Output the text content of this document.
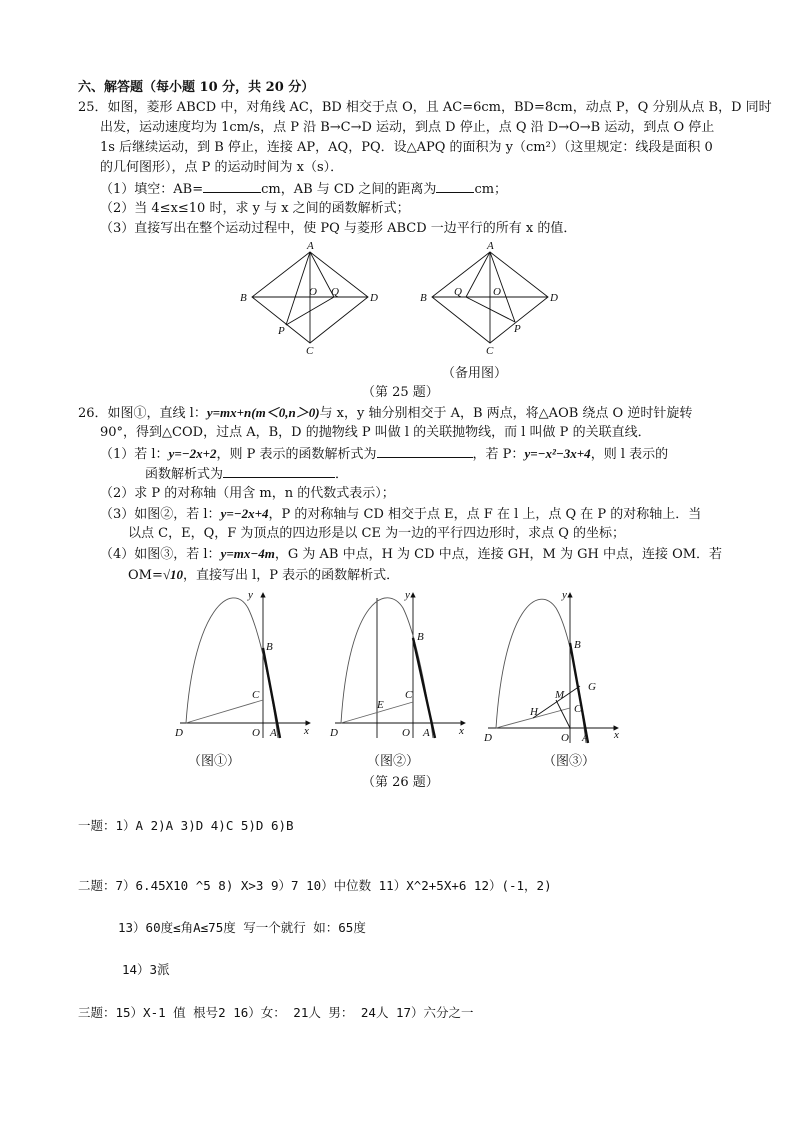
六、解答题（每小题 10 分，共 20 分）
25．如图，菱形 ABCD 中，对角线 AC，BD 相交于点 O，且 AC=6cm，BD=8cm，动点 P，Q 分别从点 B，D 同时
出发，运动速度均为 1cm/s，点 P 沿 B→C→D 运动，到点 D 停止，点 Q 沿 D→O→B 运动，到点 O 停止
1s 后继续运动，到 B 停止，连接 AP，AQ，PQ．设△APQ 的面积为 y（cm²）（这里规定：线段是面积 0
的几何图形），点 P 的运动时间为 x（s）．
（1）填空：AB=	cm，AB 与 CD 之间的距离为	cm；
（2）当 4≤x≤10 时，求 y 与 x 之间的函数解析式；
（3）直接写出在整个运动过程中，使 PQ 与菱形 ABCD 一边平行的所有 x 的值．
A
B
C
D
O Q
P
A
B
C
D
O
Q
P
（备用图）
（第 25 题）
26．如图①，直线 l：y=mx+n(m＜0,n＞0)与 x，y 轴分别相交于 A，B 两点，将△AOB 绕点 O 逆时针旋转
90°，得到△COD，过点 A，B，D 的抛物线 P 叫做 l 的关联抛物线，而 l 叫做 P 的关联直线．
（1）若 l：y=−2x+2，则 P 表示的函数解析式为	，若 P：y=−x²−3x+4，则 l 表示的
函数解析式为	．
（2）求 P 的对称轴（用含 m，n 的代数式表示）；
（3）如图②，若 l：y=−2x+4，P 的对称轴与 CD 相交于点 E，点 F 在 l 上，点 Q 在 P 的对称轴上．当
以点 C，E，Q，F 为顶点的四边形是以 CE 为一边的平行四边形时，求点 Q 的坐标；
（4）如图③，若 l：y=mx−4m，G 为 AB 中点，H 为 CD 中点，连接 GH，M 为 GH 中点，连接 OM．若
OM=√10，直接写出 l，P 表示的函数解析式．
B
C
D	O A x
y
B
C
E
D	O A	x
y
B
C
G
H
M
D	O A x
y
（图①）	（图②）	（图③）
（第 26 题）
一题：1）A 2)A 3)D 4)C 5)D 6)B
二题：7）6.45X10 ^5 8) X>3 9）7 10）中位数 11）X^2+5X+6 12）(-1，2)
13）60度≤角A≤75度 写一个就行 如：65度
14）3派
三题：15）X-1 值 根号2 16）女： 21人 男： 24人 17）六分之一
